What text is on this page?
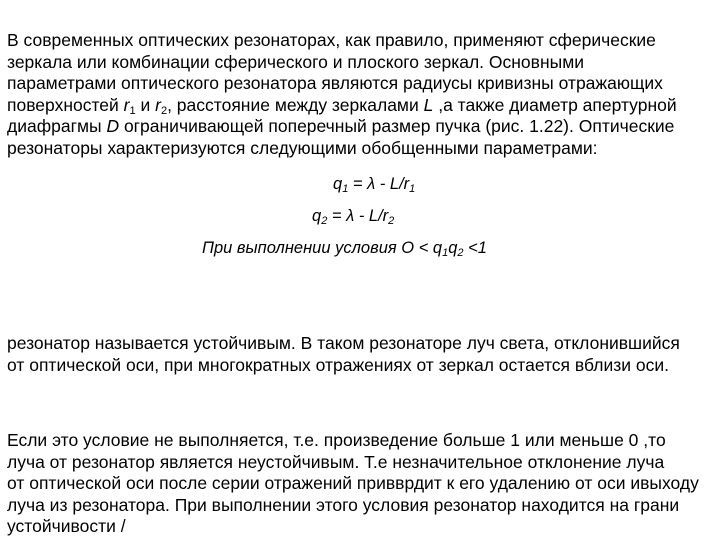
В современных оптических резонаторах, как правило, применяют сферические
зеркала или комбинации сферического и плоского зеркал. Основными
параметрами оптического резонатора являются радиусы кривизны отражающих
поверхностей $r_1$ и $r_2$, расстояние между зеркалами L ,а также диаметр апертурной
диафрагмы D ограничивающей поперечный размер пучка (рис. 1.22). Оптические
резонаторы характеризуются следующими обобщенными параметрами:
$q_1 = \lambda - L/r_1$
$q_2 = \lambda - L/r_2$
При выполнении условия $O < q_1q_2 <1$
резонатор называется устойчивым. В таком резонаторе луч света, отклонившийся
от оптической оси, при многократных отражениях от зеркал остается вблизи оси.
Если это условие не выполняется, т.е. произведение больше 1 или меньше 0 ,то
луча от резонатор является неустойчивым. Т.е незначительное отклонение луча
от оптической оси после серии отражений привврдит к его удалению от оси ивыходу
луча из резонатора. При выполнении этого условия резонатор находится на грани
устойчивости /
